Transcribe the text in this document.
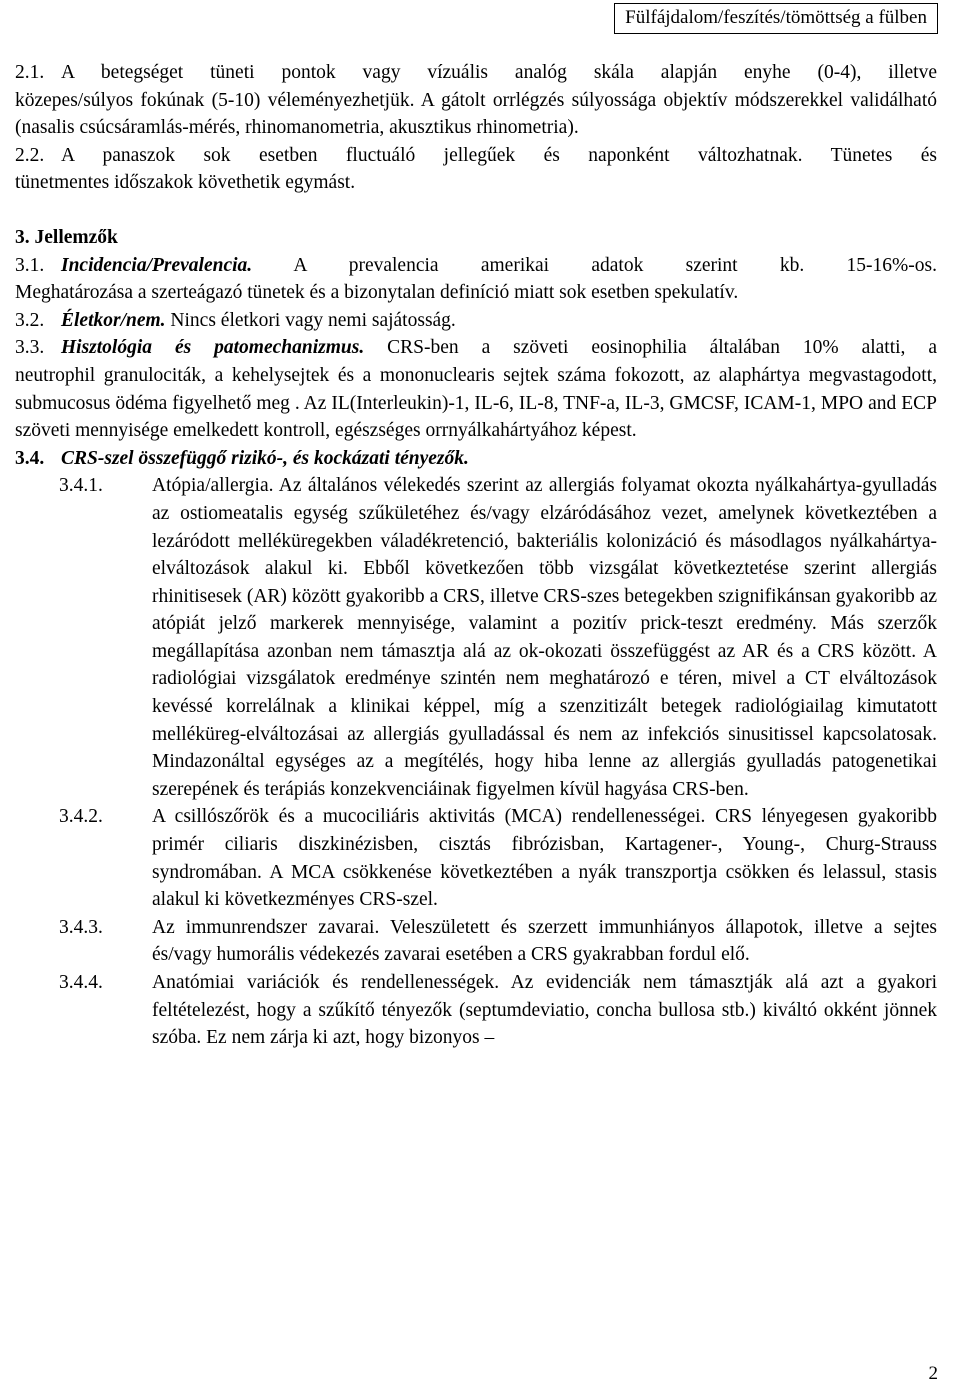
Fülfájdalom/feszítés/tömöttség a fülben
2.1. A betegséget tüneti pontok vagy vízuális analóg skála alapján enyhe (0-4), illetve

közepes/súlyos fokúnak (5-10) véleményezhetjük. A gátolt orrlégzés súlyossága objektív módszerekkel validálható (nasalis csúcsáramlás-mérés, rhinomanometria, akusztikus rhinometria).

2.2. A panaszok sok esetben fluctuáló jellegűek és naponként változhatnak. Tünetes és

tünetmentes időszakok követhetik egymást.

3. Jellemzők
3.1. Incidencia/Prevalencia. A prevalencia amerikai adatok szerint kb. 15-16%-os.

Meghatározása a szerteágazó tünetek és a bizonytalan definíció miatt sok esetben spekulatív.

3.2. Életkor/nem. Nincs életkori vagy nemi sajátosság.
3.3. Hisztológia és patomechanizmus. CRS-ben a szöveti eosinophilia általában 10% alatti, a

neutrophil granulociták, a kehelysejtek és a mononuclearis sejtek száma fokozott, az alaphártya megvastagodott, submucosus ödéma figyelhető meg . Az IL(Interleukin)-1, IL-6, IL-8, TNF-a, IL-3, GMCSF, ICAM-1, MPO and ECP szöveti mennyisége emelkedett kontroll, egészséges orrnyálkahártyához képest.

3.4. CRS-szel összefüggő rizikó-, és kockázati tényezők.
3.4.1.	Atópia/allergia. Az általános vélekedés szerint az allergiás folyamat okozta nyálkahártya-gyulladás az ostiomeatalis egység szűkületéhez és/vagy elzáródásához vezet, amelynek következtében a lezáródott melléküregekben váladékretenció, bakteriális kolonizáció és másodlagos nyálkahártya-elváltozások alakul ki. Ebből következően több vizsgálat következtetése szerint allergiás rhinitisesek (AR) között gyakoribb a CRS, illetve CRS-szes betegekben szignifikánsan gyakoribb az atópiát jelző markerek mennyisége, valamint a pozitív prick-teszt eredmény. Más szerzők megállapítása azonban nem támasztja alá az ok-okozati összefüggést az AR és a CRS között. A radiológiai vizsgálatok eredménye szintén nem meghatározó e téren, mivel a CT elváltozások kevéssé korrelálnak a klinikai képpel, míg a szenzitizált betegek radiológiailag kimutatott melléküreg-elváltozásai az allergiás gyulladással és nem az infekciós sinusitissel kapcsolatosak. Mindazonáltal egységes az a megítélés, hogy hiba lenne az allergiás gyulladás patogenetikai szerepének és terápiás konzekvenciáinak figyelmen kívül hagyása CRS-ben.
3.4.2.	A csillószőrök és a mucociliáris aktivitás (MCA) rendellenességei. CRS lényegesen gyakoribb primér ciliaris diszkinézisben, cisztás fibrózisban, Kartagener-, Young-, Churg-Strauss syndromában. A MCA csökkenése következtében a nyák transzportja csökken és lelassul, stasis alakul ki következményes CRS-szel.
3.4.3.	Az immunrendszer zavarai. Veleszületett és szerzett immunhiányos állapotok, illetve a sejtes és/vagy humorális védekezés zavarai esetében a CRS gyakrabban fordul elő.
3.4.4.	Anatómiai variációk és rendellenességek. Az evidenciák nem támasztják alá azt a gyakori feltételezést, hogy a szűkítő tényezők (septumdeviatio, concha bullosa stb.) kiváltó okként jönnek szóba. Ez nem zárja ki azt, hogy bizonyos –
2
